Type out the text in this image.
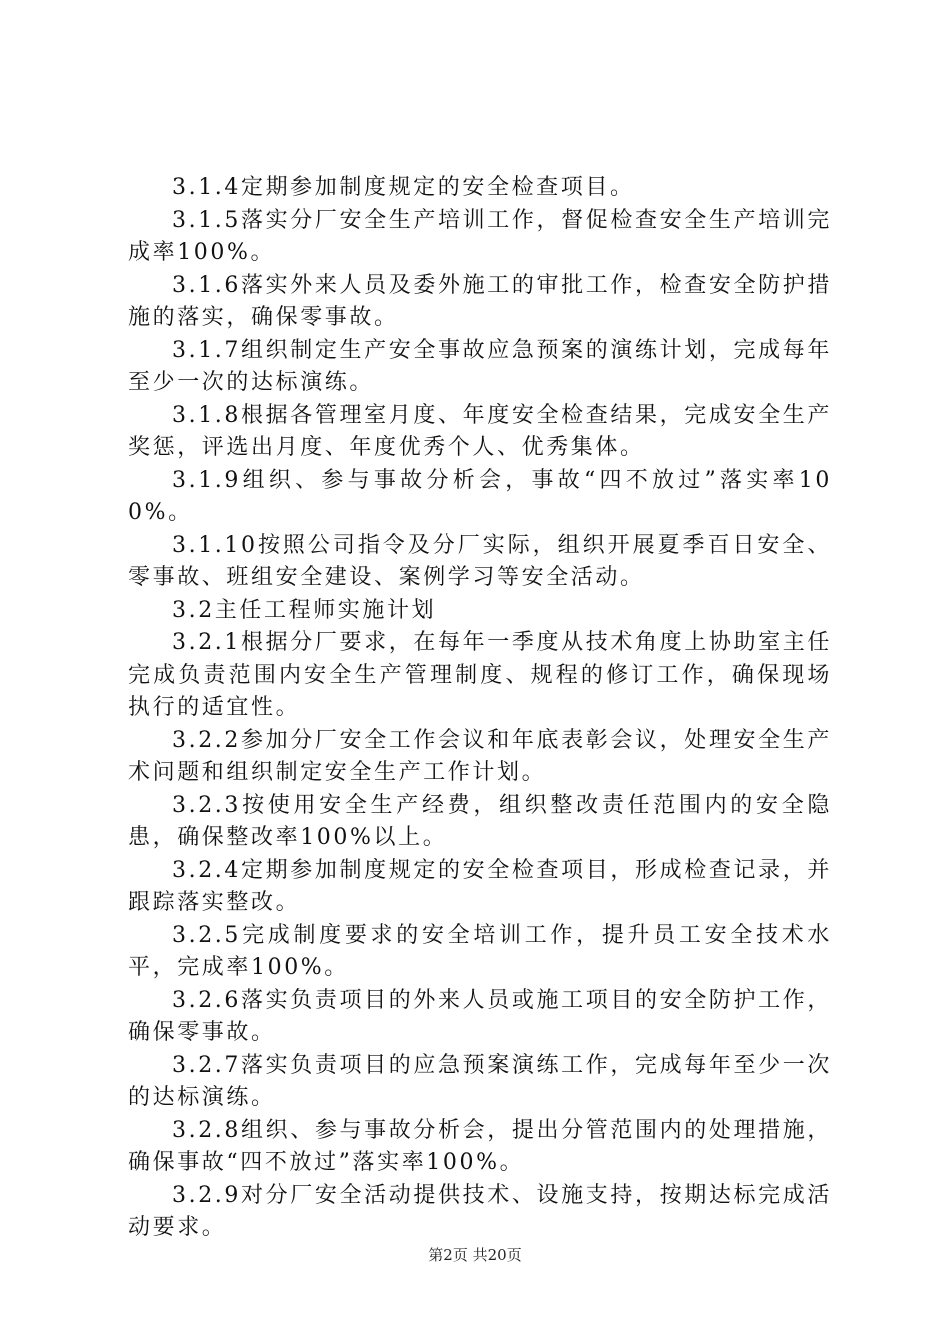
3.1.4定期参加制度规定的安全检查项目。

3.1.5落实分厂安全生产培训工作，督促检查安全生产培训完成率100%。

3.1.6落实外来人员及委外施工的审批工作，检查安全防护措施的落实，确保零事故。

3.1.7组织制定生产安全事故应急预案的演练计划，完成每年至少一次的达标演练。

3.1.8根据各管理室月度、年度安全检查结果，完成安全生产奖惩，评选出月度、年度优秀个人、优秀集体。

3.1.9组织、参与事故分析会，事故“四不放过”落实率100%。

3.1.10按照公司指令及分厂实际，组织开展夏季百日安全、零事故、班组安全建设、案例学习等安全活动。

3.2主任工程师实施计划

3.2.1根据分厂要求，在每年一季度从技术角度上协助室主任完成负责范围内安全生产管理制度、规程的修订工作，确保现场执行的适宜性。

3.2.2参加分厂安全工作会议和年底表彰会议，处理安全生产术问题和组织制定安全生产工作计划。

3.2.3按使用安全生产经费，组织整改责任范围内的安全隐患，确保整改率100%以上。

3.2.4定期参加制度规定的安全检查项目，形成检查记录，并跟踪落实整改。

3.2.5完成制度要求的安全培训工作，提升员工安全技术水平，完成率100%。

3.2.6落实负责项目的外来人员或施工项目的安全防护工作，确保零事故。

3.2.7落实负责项目的应急预案演练工作，完成每年至少一次的达标演练。

3.2.8组织、参与事故分析会，提出分管范围内的处理措施，确保事故“四不放过”落实率100%。

3.2.9对分厂安全活动提供技术、设施支持，按期达标完成活动要求。

第2页 共20页
